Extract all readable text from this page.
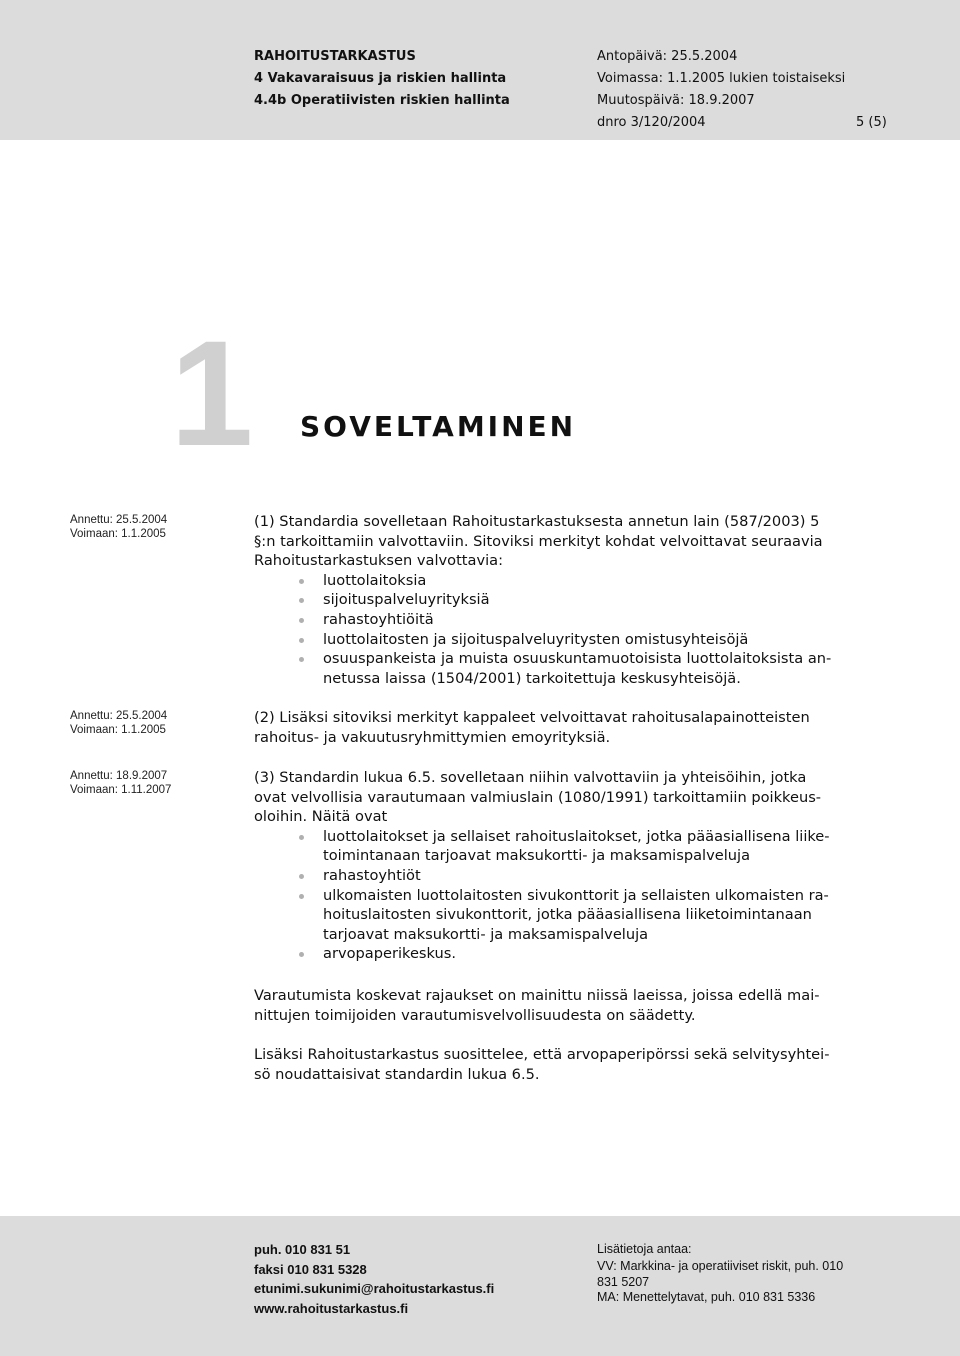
RAHOITUSTARKASTUS
4 Vakavaraisuus ja riskien hallinta
4.4b Operatiivisten riskien hallinta
Antopäivä: 25.5.2004
Voimassa: 1.1.2005 lukien toistaiseksi
Muutospäivä: 18.9.2007
dnro 3/120/2004	5 (5)
1 SOVELTAMINEN
Annettu: 25.5.2004
Voimaan: 1.1.2005
Annettu: 25.5.2004
Voimaan: 1.1.2005
Annettu: 18.9.2007
Voimaan: 1.11.2007
(1) Standardia sovelletaan Rahoitustarkastuksesta annetun lain (587/2003) 5
§:n tarkoittamiin valvottaviin. Sitoviksi merkityt kohdat velvoittavat seuraavia
Rahoitustarkastuksen valvottavia:
luottolaitoksia
sijoituspalveluyrityksiä
rahastoyhtiöitä
luottolaitosten ja sijoituspalveluyritysten omistusyhteisöjä
osuuspankeista ja muista osuuskuntamuotoisista luottolaitoksista an-
netussa laissa (1504/2001) tarkoitettuja keskusyhteisöjä.
(2) Lisäksi sitoviksi merkityt kappaleet velvoittavat rahoitusalapainotteisten
rahoitus- ja vakuutusryhmittymien emoyrityksiä.
(3) Standardin lukua 6.5. sovelletaan niihin valvottaviin ja yhteisöihin, jotka
ovat velvollisia varautumaan valmiuslain (1080/1991) tarkoittamiin poikkeus-
oloihin. Näitä ovat
luottolaitokset ja sellaiset rahoituslaitokset, jotka pääasiallisena liike-
toimintanaan tarjoavat maksukortti- ja maksamispalveluja
rahastoyhtiöt
ulkomaisten luottolaitosten sivukonttorit ja sellaisten ulkomaisten ra-
hoituslaitosten sivukonttorit, jotka pääasiallisena liiketoimintanaan
tarjoavat maksukortti- ja maksamispalveluja
arvopaperikeskus.
Varautumista koskevat rajaukset on mainittu niissä laeissa, joissa edellä mai-
nittujen toimijoiden varautumisvelvollisuudesta on säädetty.
Lisäksi Rahoitustarkastus suosittelee, että arvopaperipörssi sekä selvitysyhtei-
sö noudattaisivat standardin lukua 6.5.
puh. 010 831 51
faksi 010 831 5328
etunimi.sukunimi@rahoitustarkastus.fi
www.rahoitustarkastus.fi
Lisätietoja antaa:
VV: Markkina- ja operatiiviset riskit, puh. 010
831 5207
MA: Menettelytavat, puh. 010 831 5336
